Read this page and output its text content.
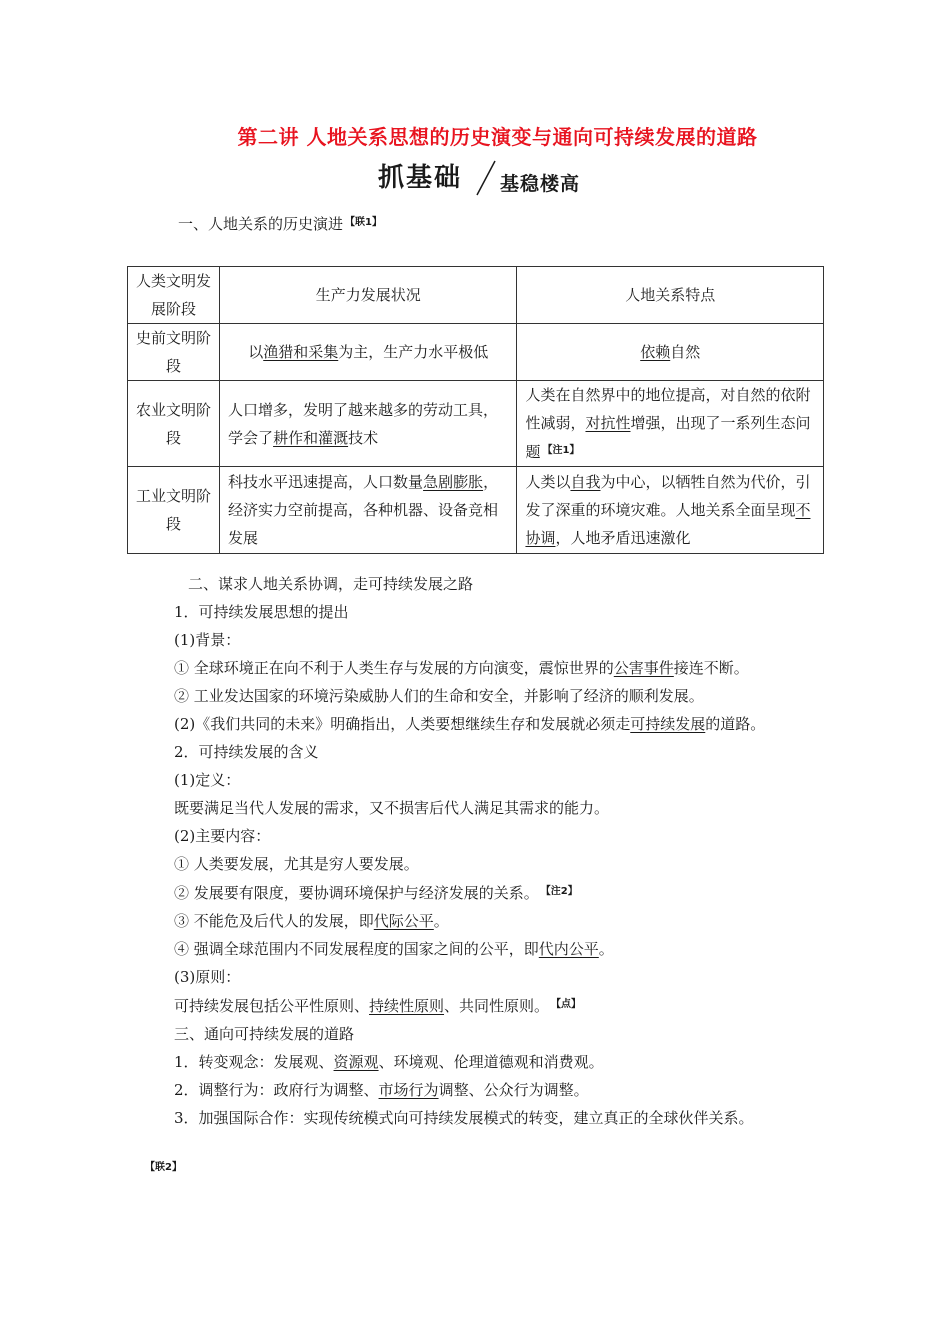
第二讲 人地关系思想的历史演变与通向可持续发展的道路
抓基础 基稳楼高
一、人地关系的历史演进 【 联1 】
人类文明发展阶段	生产力发展状况	人地关系特点
史前文明阶段	以渔猎和采集为主，生产力水平极低	依赖自然
农业文明阶段	人口增多，发明了越来越多的劳动工具，学会了耕作和灌溉技术	人类在自然界中的地位提高，对自然的依附性减弱，对抗性增强，出现了一系列生态问题 【 注1 】
工业文明阶段	科技水平迅速提高，人口数量急剧膨胀，经济实力空前提高，各种机器、设备竞相发展	人类以自我为中心，以牺牲自然为代价，引发了深重的环境灾难。人地关系全面呈现不协调，人地矛盾迅速激化

二、谋求人地关系协调，走可持续发展之路

1．可持续发展思想的提出

(1)背景：

① 全球环境正在向不利于人类生存与发展的方向演变，震惊世界的公害事件接连不断。

② 工业发达国家的环境污染威胁人们的生命和安全，并影响了经济的顺利发展。

(2)《我们共同的未来》明确指出，人类要想继续生存和发展就必须走可持续发展的道路。

2．可持续发展的含义

(1)定义：

既要满足当代人发展的需求，又不损害后代人满足其需求的能力。

(2)主要内容：

① 人类要发展，尤其是穷人要发展。

② 发展要有限度，要协调环境保护与经济发展的关系。 【 注2 】

③ 不能危及后代人的发展，即代际公平。

④ 强调全球范围内不同发展程度的国家之间的公平，即代内公平。

(3)原则：

可持续发展包括公平性原则、持续性原则、共同性原则。 【 点 】

三、通向可持续发展的道路

1．转变观念：发展观、资源观、环境观、伦理道德观和消费观。

2．调整行为：政府行为调整、市场行为调整、公众行为调整。

3．加强国际合作：实现传统模式向可持续发展模式的转变，建立真正的全球伙伴关系。

【 联2 】
